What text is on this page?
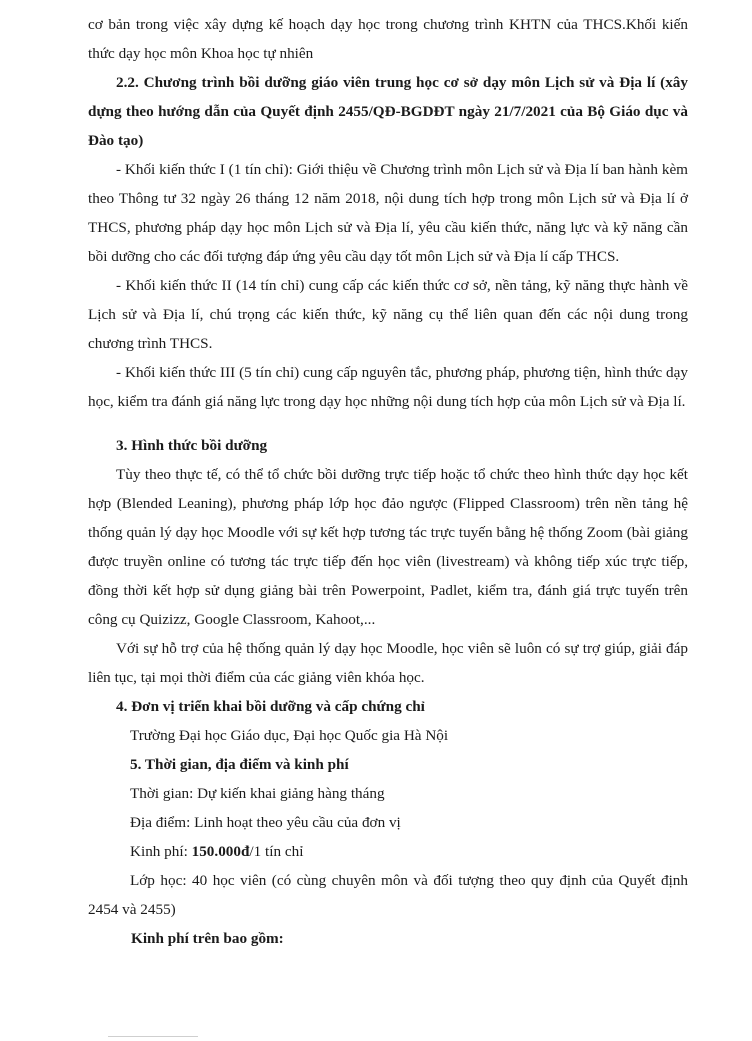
cơ bản trong việc xây dựng kế hoạch dạy học trong chương trình KHTN của THCS.Khối kiến thức dạy học môn Khoa học tự nhiên

2.2. Chương trình bồi dưỡng giáo viên trung học cơ sở dạy môn Lịch sử và Địa lí (xây dựng theo hướng dẫn của Quyết định 2455/QĐ-BGDĐT ngày 21/7/2021 của Bộ Giáo dục và Đào tạo)

- Khối kiến thức I (1 tín chỉ): Giới thiệu về Chương trình môn Lịch sử và Địa lí ban hành kèm theo Thông tư 32 ngày 26 tháng 12 năm 2018, nội dung tích hợp trong môn Lịch sử và Địa lí ở THCS, phương pháp dạy học môn Lịch sử và Địa lí, yêu cầu kiến thức, năng lực và kỹ năng cần bồi dưỡng cho các đối tượng đáp ứng yêu cầu dạy tốt môn Lịch sử và Địa lí cấp THCS.

- Khối kiến thức II (14 tín chỉ) cung cấp các kiến thức cơ sở, nền tảng, kỹ năng thực hành về Lịch sử và Địa lí, chú trọng các kiến thức, kỹ năng cụ thể liên quan đến các nội dung trong chương trình THCS.

- Khối kiến thức III (5 tín chỉ) cung cấp nguyên tắc, phương pháp, phương tiện, hình thức dạy học, kiểm tra đánh giá năng lực trong dạy học những nội dung tích hợp của môn Lịch sử và Địa lí.

3. Hình thức bồi dưỡng

Tùy theo thực tế, có thể tổ chức bồi dưỡng trực tiếp hoặc tổ chức theo hình thức dạy học kết hợp (Blended Leaning), phương pháp lớp học đảo ngược (Flipped Classroom) trên nền tảng hệ thống quản lý dạy học Moodle với sự kết hợp tương tác trực tuyến bằng hệ thống Zoom (bài giảng được truyền online có tương tác trực tiếp đến học viên (livestream) và không tiếp xúc trực tiếp, đồng thời kết hợp sử dụng giảng bài trên Powerpoint, Padlet, kiểm tra, đánh giá trực tuyến trên công cụ Quizizz, Google Classroom, Kahoot,...

Với sự hỗ trợ của hệ thống quản lý dạy học Moodle, học viên sẽ luôn có sự trợ giúp, giải đáp liên tục, tại mọi thời điểm của các giảng viên khóa học.

4. Đơn vị triển khai bồi dưỡng và cấp chứng chỉ

Trường Đại học Giáo dục, Đại học Quốc gia Hà Nội

5. Thời gian, địa điểm và kinh phí

Thời gian: Dự kiến khai giảng hàng tháng

Địa điểm: Linh hoạt theo yêu cầu của đơn vị

Kinh phí: 150.000đ/1 tín chỉ

Lớp học: 40 học viên (có cùng chuyên môn và đối tượng theo quy định của Quyết định 2454 và 2455)

Kinh phí trên bao gồm:
